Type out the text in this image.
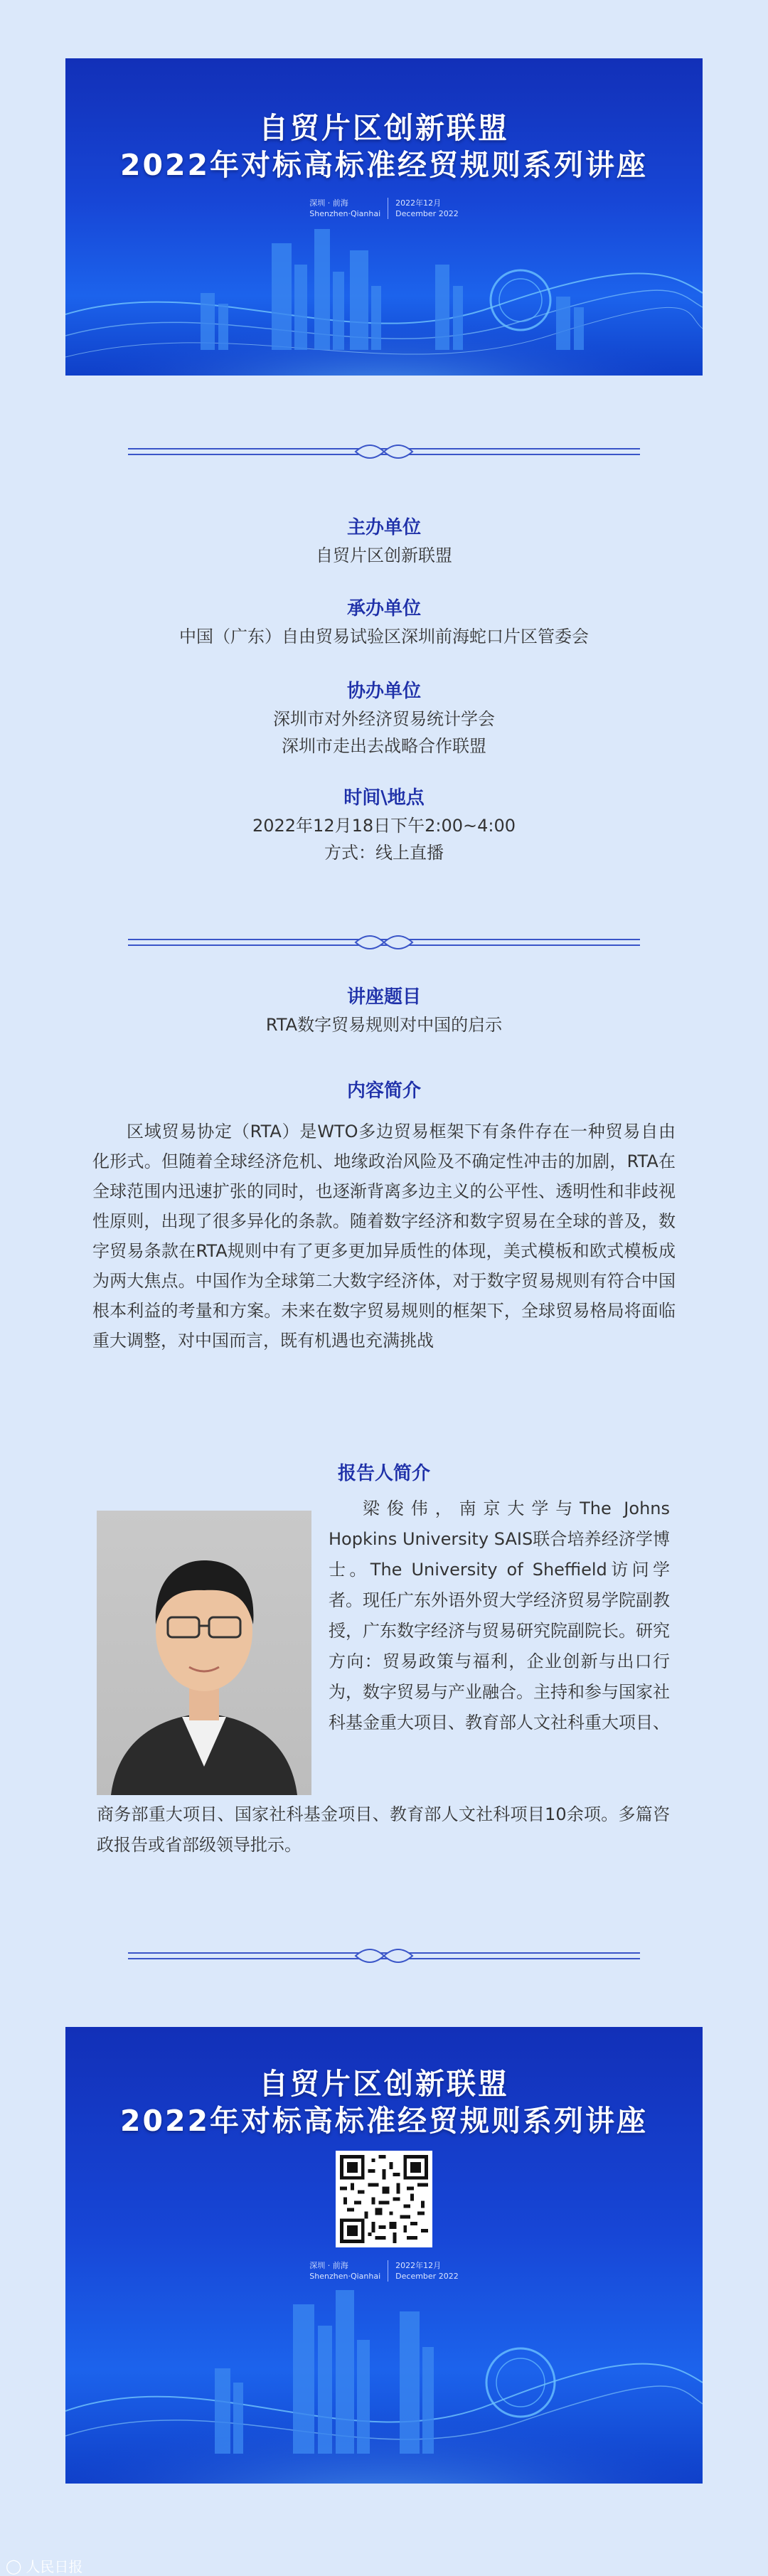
自贸片区创新联盟
2022年对标高标准经贸规则系列讲座
深圳 · 前海
Shenzhen·Qianhai
2022年12月
December 2022
主办单位
自贸片区创新联盟
承办单位
中国（广东）自由贸易试验区深圳前海蛇口片区管委会
协办单位
深圳市对外经济贸易统计学会
深圳市走出去战略合作联盟
时间\地点
2022年12月18日下午2:00~4:00
方式：线上直播
讲座题目
RTA数字贸易规则对中国的启示
内容简介
区域贸易协定（RTA）是WTO多边贸易框架下有条件存在一种贸易自由化形式。但随着全球经济危机、地缘政治风险及不确定性冲击的加剧，RTA在全球范围内迅速扩张的同时，也逐渐背离多边主义的公平性、透明性和非歧视性原则，出现了很多异化的条款。随着数字经济和数字贸易在全球的普及，数字贸易条款在RTA规则中有了更多更加异质性的体现，美式模板和欧式模板成为两大焦点。中国作为全球第二大数字经济体，对于数字贸易规则有符合中国根本利益的考量和方案。未来在数字贸易规则的框架下，全球贸易格局将面临重大调整，对中国而言，既有机遇也充满挑战
报告人简介
梁俊伟，南京大学与The Johns Hopkins University SAIS联合培养经济学博士。The University of Sheffield访问学者。现任广东外语外贸大学经济贸易学院副教授，广东数字经济与贸易研究院副院长。研究方向：贸易政策与福利，企业创新与出口行为，数字贸易与产业融合。主持和参与国家社科基金重大项目、教育部人文社科重大项目、
商务部重大项目、国家社科基金项目、教育部人文社科项目10余项。多篇咨政报告或省部级领导批示。
自贸片区创新联盟
2022年对标高标准经贸规则系列讲座
深圳 · 前海
Shenzhen·Qianhai
2022年12月
December 2022
◯ 人民日报
